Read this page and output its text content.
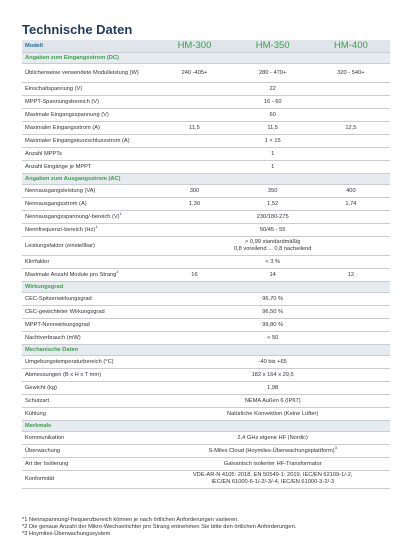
Technische Daten
Modell	HM-300	HM-350	HM-400
Angaben zum Eingangsstrom (DC)			
Üblicherweise verwendete Modulleistung (W)	240 -405+	280 - 470+	320 - 540+
Einschaltspannung (V)	22		
MPPT-Spannungsbereich (V)	16 - 60		
Maximale Eingangsspannung (V)	60		
Maximaler Eingangsstrom (A)	11,5	11,5	12,5
Maximaler Eingangskurzschlussstrom (A)	1 × 15		
Anzahl MPPTs	1		
Anzahl Eingänge je MPPT	1		
Angaben zum Ausgangsstrom (AC)			
Nennausgangsleistung (VA)	300	350	400
Nennausgangsstrom (A)	1,30	1,52	1,74
Nennausgangsspannung/-bereich $(V)^1$	230/180-275		
Nennfrequenz/-bereich $(Hz)^1$	50/45 - 55		
Leistungsfaktor (einstellbar)	> 0,99 standardmäßig
0,8 voreilend ... 0,8 nacheilend		
Klirrfaktor	< 3 %		
Maximale Anzahl Module pro Strang$^2$	16	14	12
Wirkungsgrad			
CEC-Spitzenwirkungsgrad	96,70 %		
CEC-gewichteter Wirkungsgrad	96,50 %		
MPPT-Nennwirkungsgrad	99,80 %		
Nachtverbrauch (mW)	< 50		
Mechanische Daten			
Umgebungstemperaturbereich (°C)	-40 bis +65		
Abmessungen (B x H x T mm)	182 x 164 x 29,5		
Gewicht (kg)	1,98		
Schutzart	NEMA Außen 6 (IP67)		
Kühlung	Natürliche Konvektion (Keine Lüfter)		
Merkmale			
Kommunikation	2,4 GHz eigene HF (Nordic)		
Überwachung	S-Miles Cloud (Hoymiles-Überwachungsplattform)$^3$
Art der Isolierung	Galvanisch isolierter HF-Transformator		
Konformität	VDE-AR-N 4105: 2018, EN 50549-1: 2019, IEC/EN 62109-1/-2,
IEC/EN 61000-6-1/-2/-3/-4, IEC/EN 61000-3-2/-3		
*1 Nennspannung/-frequenzbereich können je nach örtlichen Anforderungen variieren.
*2 Die genaue Anzahl der Mikro-Wechselrichter pro Strang entnehmen Sie bitte den örtlichen Anforderungen.
*3 Hoymiles-Überwachungssystem
